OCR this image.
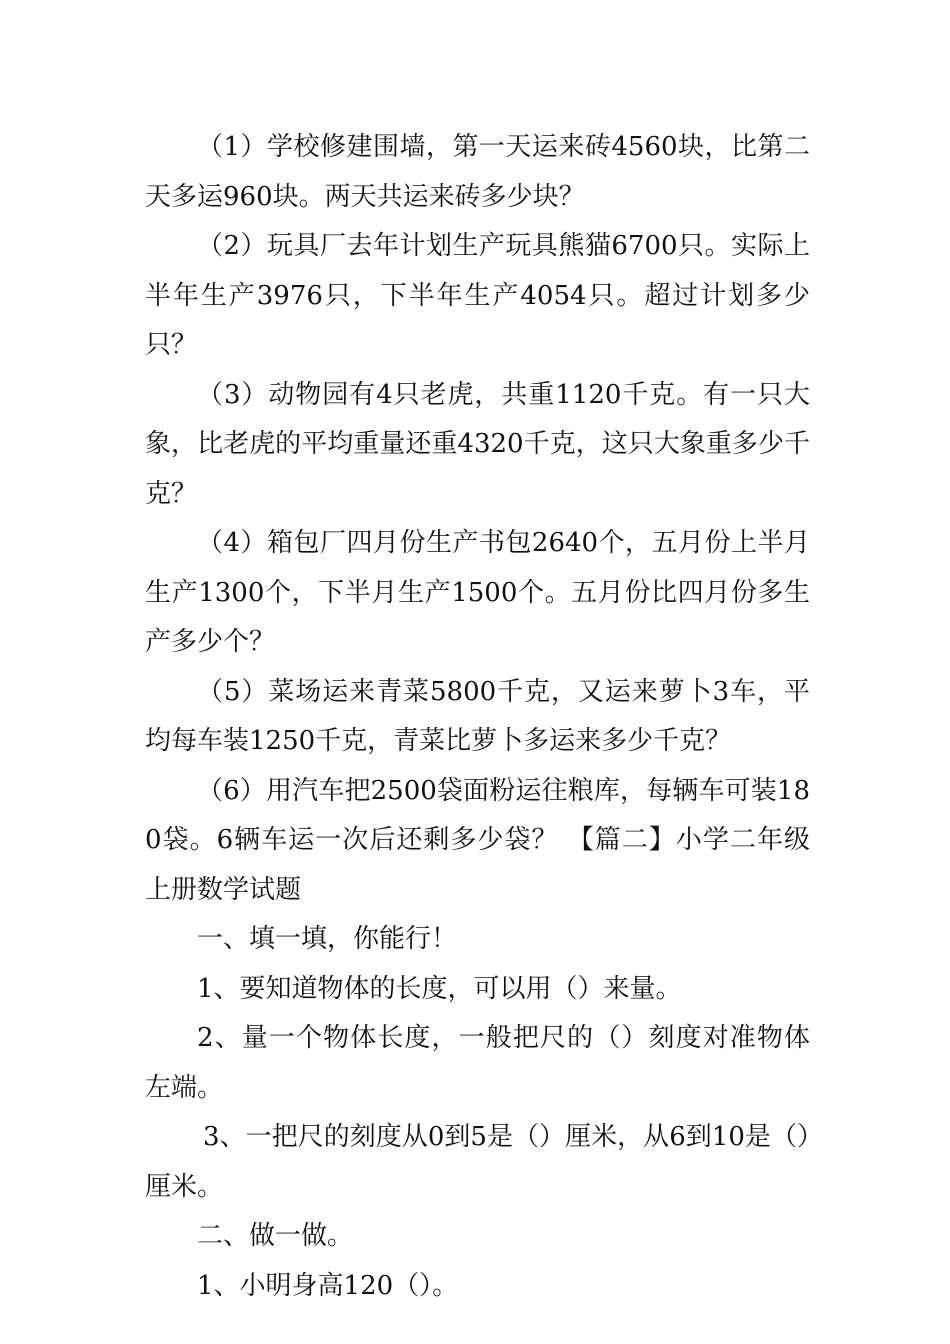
（1）学校修建围墙，第一天运来砖4560块，比第二天多运960块。两天共运来砖多少块？

（2）玩具厂去年计划生产玩具熊猫6700只。实际上半年生产3976只，下半年生产4054只。超过计划多少只？

（3）动物园有4只老虎，共重1120千克。有一只大象，比老虎的平均重量还重4320千克，这只大象重多少千克？

（4）箱包厂四月份生产书包2640个，五月份上半月生产1300个，下半月生产1500个。五月份比四月份多生产多少个？

（5）菜场运来青菜5800千克，又运来萝卜3车，平均每车装1250千克，青菜比萝卜多运来多少千克？

（6）用汽车把2500袋面粉运往粮库，每辆车可装180袋。6辆车运一次后还剩多少袋？ 【篇二】小学二年级上册数学试题

一、填一填，你能行！

1、要知道物体的长度，可以用（）来量。

2、量一个物体长度，一般把尺的（）刻度对准物体左端。

3、一把尺的刻度从0到5是（）厘米，从6到10是（）厘米。

二、做一做。

1、小明身高120（）。
